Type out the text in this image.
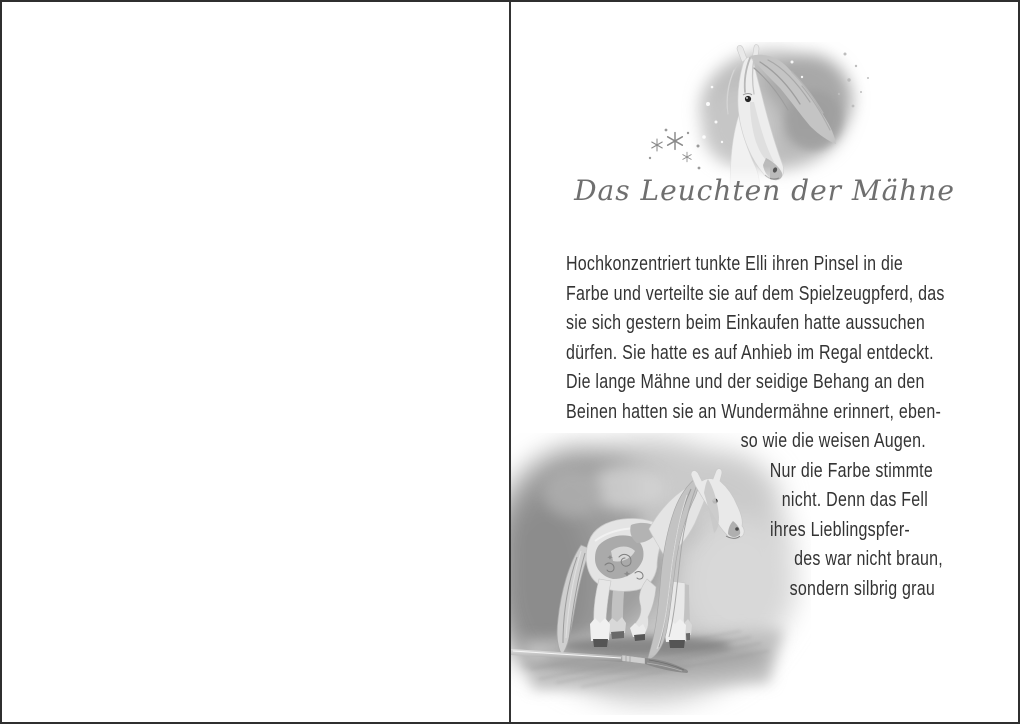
Das Leuchten der Mähne
Hochkonzentriert tunkte Elli ihren Pinsel in die
Farbe und verteilte sie auf dem Spielzeugpferd, das
sie sich gestern beim Einkaufen hatte aussuchen
dürfen. Sie hatte es auf Anhieb im Regal entdeckt.
Die lange Mähne und der seidige Behang an den
Beinen hatten sie an Wundermähne erinnert, eben-
so wie die weisen Augen.
Nur die Farbe stimmte
nicht. Denn das Fell
ihres Lieblingspfer-
des war nicht braun,
sondern silbrig grau
